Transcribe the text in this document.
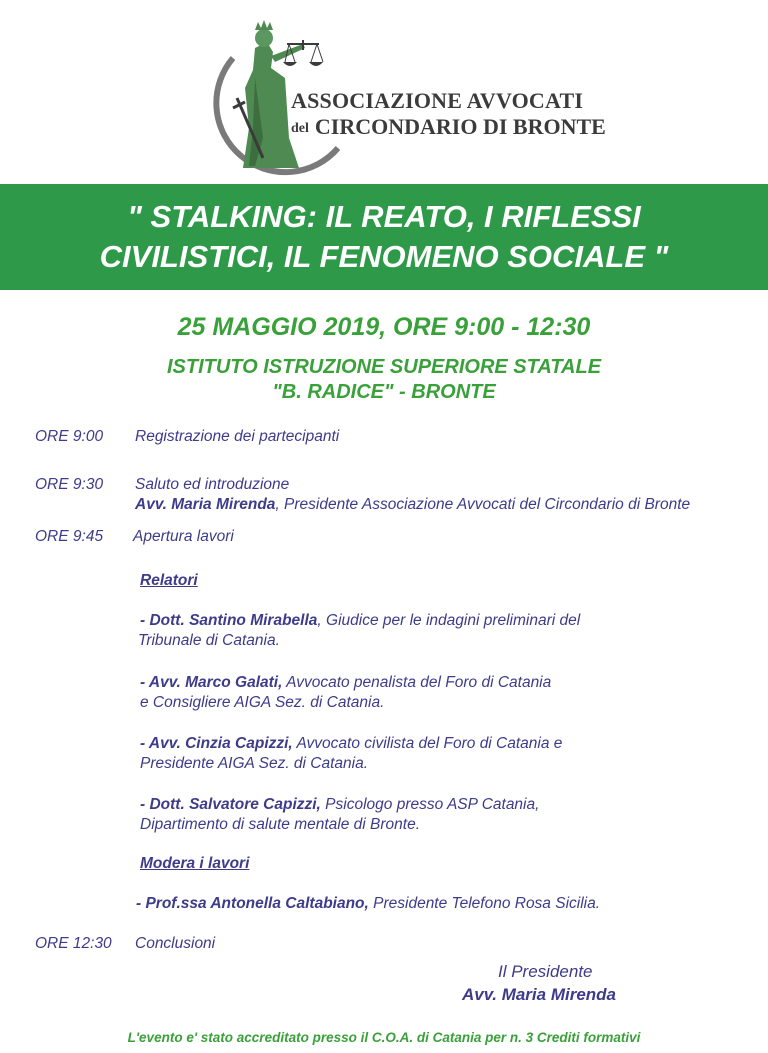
ASSOCIAZIONE AVVOCATI
del CIRCONDARIO DI BRONTE
" STALKING: IL REATO, I RIFLESSI
CIVILISTICI, IL FENOMENO SOCIALE "
25 MAGGIO 2019, ORE 9:00 - 12:30
ISTITUTO ISTRUZIONE SUPERIORE STATALE
"B. RADICE" - BRONTE
ORE 9:00 Registrazione dei partecipanti
ORE 9:30 Saluto ed introduzione
Avv. Maria Mirenda, Presidente Associazione Avvocati del Circondario di Bronte
ORE 9:45 Apertura lavori
Relatori
- Dott. Santino Mirabella, Giudice per le indagini preliminari del
Tribunale di Catania.
- Avv. Marco Galati, Avvocato penalista del Foro di Catania
e Consigliere AIGA Sez. di Catania.
- Avv. Cinzia Capizzi, Avvocato civilista del Foro di Catania e
Presidente AIGA Sez. di Catania.
- Dott. Salvatore Capizzi, Psicologo presso ASP Catania,
Dipartimento di salute mentale di Bronte.
Modera i lavori
- Prof.ssa Antonella Caltabiano, Presidente Telefono Rosa Sicilia.
ORE 12:30 Conclusioni
Il Presidente
Avv. Maria Mirenda
L'evento e' stato accreditato presso il C.O.A. di Catania per n. 3 Crediti formativi
